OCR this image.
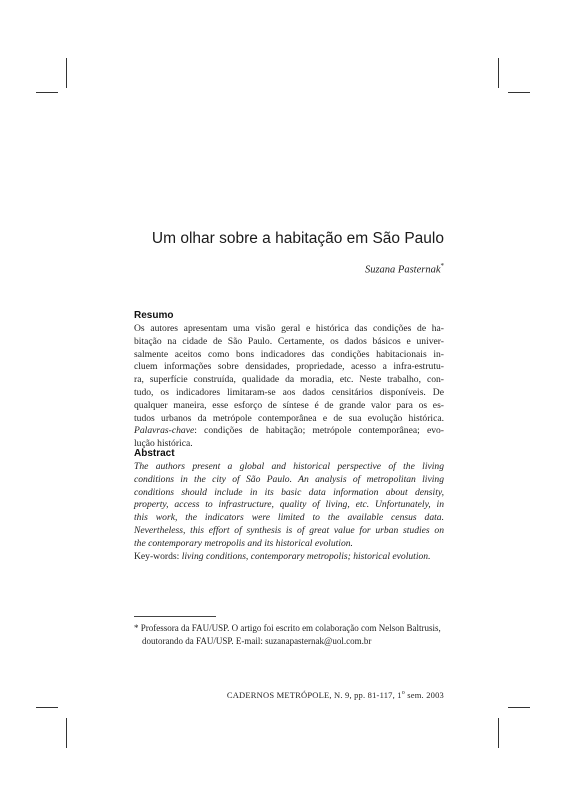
Um olhar sobre a habitação em São Paulo
Suzana Pasternak*
Resumo
Os autores apresentam uma visão geral e histórica das condições de ha-
bitação na cidade de São Paulo. Certamente, os dados básicos e univer-
salmente aceitos como bons indicadores das condições habitacionais in-
cluem informações sobre densidades, propriedade, acesso a infra-estrutu-
ra, superfície construída, qualidade da moradia, etc. Neste trabalho, con-
tudo, os indicadores limitaram-se aos dados censitários disponíveis. De
qualquer maneira, esse esforço de síntese é de grande valor para os es-
tudos urbanos da metrópole contemporânea e de sua evolução histórica.
Palavras-chave: condições de habitação; metrópole contemporânea; evo-
lução histórica.
Abstract
The authors present a global and historical perspective of the living
conditions in the city of São Paulo. An analysis of metropolitan living
conditions should include in its basic data information about density,
property, access to infrastructure, quality of living, etc. Unfortunately, in
this work, the indicators were limited to the available census data.
Nevertheless, this effort of synthesis is of great value for urban studies on
the contemporary metropolis and its historical evolution.
Key-words: living conditions, contemporary metropolis; historical evolution.
* Professora da FAU/USP. O artigo foi escrito em colaboração com Nelson Baltrusis,
doutorando da FAU/USP. E-mail: suzanapasternak@uol.com.br
CADERNOS METRÓPOLE, N. 9, pp. 81-117, 1$^o$ sem. 2003
